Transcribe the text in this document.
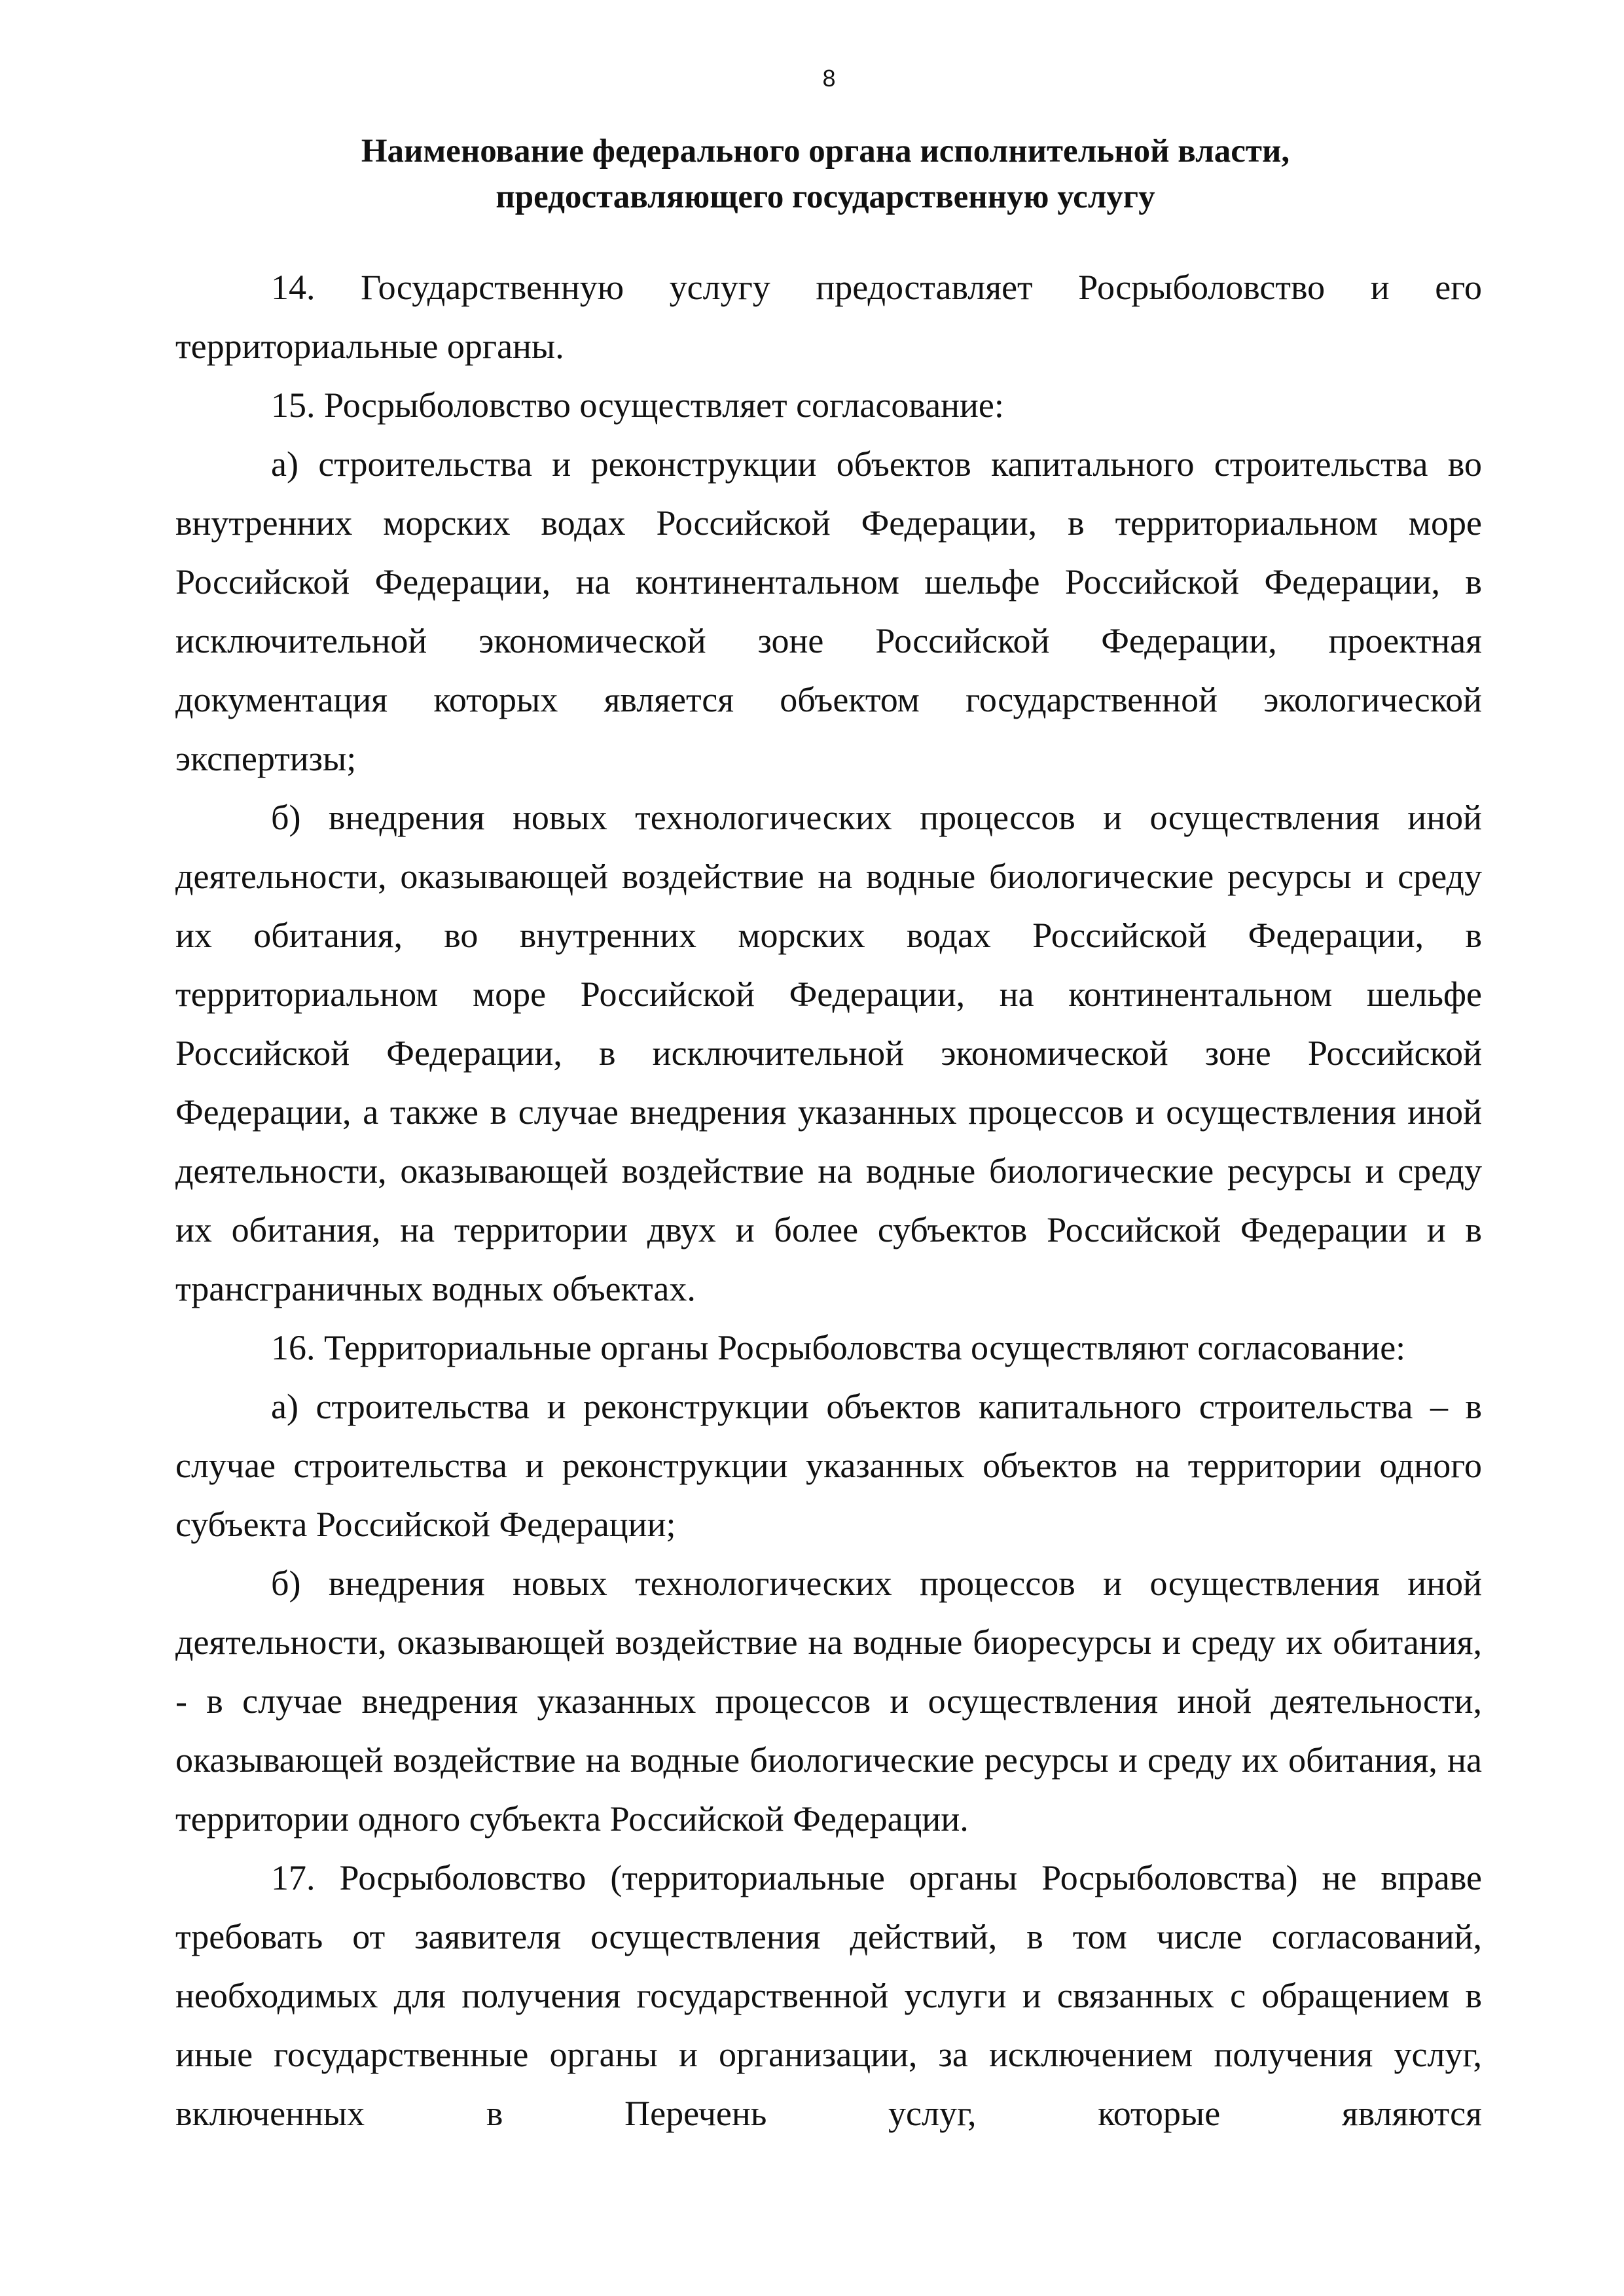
8
Наименование федерального органа исполнительной власти,
предоставляющего государственную услугу

14. Государственную услугу предоставляет Росрыболовство и его территориальные органы.

15. Росрыболовство осуществляет согласование:

а) строительства и реконструкции объектов капитального строительства во внутренних морских водах Российской Федерации, в территориальном море Российской Федерации, на континентальном шельфе Российской Федерации, в исключительной экономической зоне Российской Федерации, проектная документация которых является объектом государственной экологической экспертизы;

б) внедрения новых технологических процессов и осуществления иной деятельности, оказывающей воздействие на водные биологические ресурсы и среду их обитания, во внутренних морских водах Российской Федерации, в территориальном море Российской Федерации, на континентальном шельфе Российской Федерации, в исключительной экономической зоне Российской Федерации, а также в случае внедрения указанных процессов и осуществления иной деятельности, оказывающей воздействие на водные биологические ресурсы и среду их обитания, на территории двух и более субъектов Российской Федерации и в трансграничных водных объектах.

16. Территориальные органы Росрыболовства осуществляют согласование:

а) строительства и реконструкции объектов капитального строительства – в случае строительства и реконструкции указанных объектов на территории одного субъекта Российской Федерации;

б) внедрения новых технологических процессов и осуществления иной деятельности, оказывающей воздействие на водные биоресурсы и среду их обитания, - в случае внедрения указанных процессов и осуществления иной деятельности, оказывающей воздействие на водные биологические ресурсы и среду их обитания, на территории одного субъекта Российской Федерации.

17. Росрыболовство (территориальные органы Росрыболовства) не вправе требовать от заявителя осуществления действий, в том числе согласований, необходимых для получения государственной услуги и связанных с обращением в иные государственные органы и организации, за исключением получения услуг, включенных в Перечень услуг, которые являются
